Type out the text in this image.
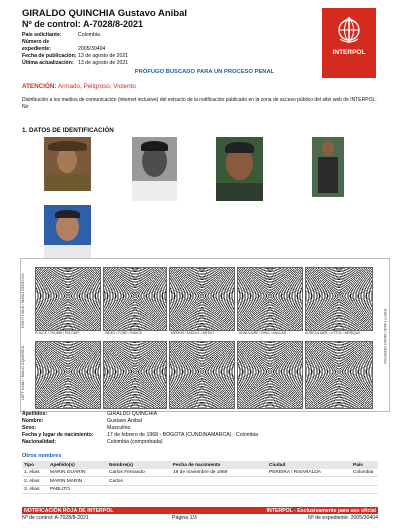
GIRALDO QUINCHIA Gustavo Anibal
Nº de control: A-7028/8-2021
País solicitante:	Colombia
Número de expediente:	2005/30404
Fecha de publicación: 13 de agosto de 2021
Última actualización: 13 de agosto de 2021
INTERPOL
NOTIFICACIÓN
ROJA
PRÓFUGO BUSCADO PARA UN PROCESO PENAL
ATENCIÓN: Armado, Peligroso, Violento
Distribución a los medios de comunicación (internet inclusive) del extracto de la notificación publicado en la zona de acceso público del sitio web de INTERPOL: No
1. DATOS DE IDENTIFICACIÓN
RIGHT HAND / MANO DERECHA
LEFT HAND / MANO IZQUIERDA
RIGHT HAND / MANO DERECHA
POUCE / THUMB / PULGAR	INDEX / FORE / ÍNDICE	MEDIUS / MIDDLE / MEDIO	ANNULAIRE / RING / ANULAR	AURICULAIRE / LITTLE / MEÑIQUE
Apellidos:	GIRALDO QUINCHIA
Nombre:	Gustavo Anibal
Sexo:	Masculino
Fecha y lugar de nacimiento:	17 de febrero de 1968 - BOGOTA (CUNDINAMARCA) - Colombia
Nacionalidad:	Colombia (comprobada)
Otros nombres
Tipo	Apellido(s)	Nombre(s)	Fecha de nacimiento	Ciudad	País
1. Alias	MARIN GUARIN	Carlos Fernando	19 de noviembre de 1969	PEREIRA / RISARALDA	Colombia
2. Alias	MARIN MARIN	Carlos			
3. Alias	PABLITO				
NOTIFICACIÓN ROJA DE INTERPOL	INTERPOL - Exclusivamente para uso oficial
Nº de control: A-7028/8-2021	Página 1/3	Nº de expediente: 2005/30404
